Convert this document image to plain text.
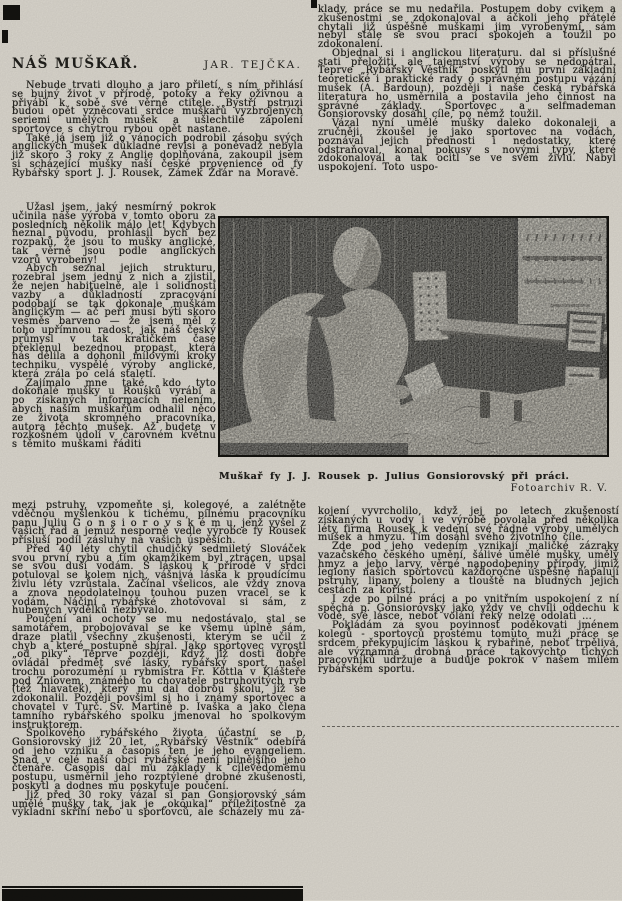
NÁŠ MUŠKAŘ.	JAR. TEJČKA.

Nebude trvati dlouho a jaro přiletí, s ním přihlásí se bujný život v přírodě, potoky a řeky oživnou a přivábí k sobě své věrné ctitele. Bystří pstruzi budou opět vzněcovati srdce muškařů vyzbrojených seriemi umělých mušek a ušlechtilé zápolení sportovce s chytrou rybou opět nastane.

Také já jsem již o vánocích podrobil zásobu svých anglických mušek důkladné revisi a poněvadž nebyla již skoro 3 roky z Anglie doplňována, zakoupil jsem si scházející mušky naší české provenience od fy Rybářský sport J. J. Rousek, Zámek Žďár na Moravě.

Užasl jsem, jaký nesmírný pokrok učinila naše výroba v tomto oboru za posledních několik málo let! Kdybych neznal původu, prohlásil bych bez rozpaků, že jsou to mušky anglické, tak věrně jsou podle anglických vzorů vyrobeny!

Abych seznal jejich strukturu, rozebral jsem jednu z nich a zjistil, že nejen habituelně, ale i solidností vazby a důkladností zpracování podobají se tak dokonale muškám anglickým — ač peří musí býti skoro vesměs barveno — že jsem měl z toho upřímnou radost, jak náš český průmysl v tak kratičkém čase překlenul bezednou propast, která nás dělila a dohonil mílovými kroky techniku vyspělé výroby anglické, která zrála po celá staletí.

Zajímalo mne také, kdo tyto dokonalé mušky u Rousků vyrábí a po získaných informacích nelením, abych našim muškařům odhalil něco ze života skromného pracovníka, autora těchto mušek. Až budete v rozkošném údolí v čarovném květnu s těmito muškami řáditi

mezi pstruhy, vzpomeňte si, kolegové, a zalétněte vděčnou myšlenkou k tichému, pilnému pracovníku panu Juliu G o n s i o r o v s k é m u, jenž vyšel z vašich řad a jemuž nesporně vedle výrobce fy Rousek přísluší podíl zásluhy na vašich úspěších.

Před 40 léty chytil chudičký sedmiletý Slováček svou první rybu a tím okamžikem byl ztracen, upsal se svou duší vodám. S láskou k přírodě v srdci potuloval se kolem nich, vášnivá láska k proudícímu živlu léty vzrůstala. Začínal všelicos, ale vždy znova a znova neodolatelnou touhou puzen vracel se k vodám. Náčiní rybářské zhotovoval si sám, z hubených výdělků nezbývalo.

Poučení ani ochoty se mu nedostávalo, stal se samotářem, probojovával se ke všemu úplně sám, draze platil všechny zkušenosti, kterým se učil z chyb a které postupně sbíral. Jako sportovec vyrostl „od piky“. Teprve později, když již dosti dobře ovládal předmět své lásky, rybářský sport, našel trochu porozumění u rybmistra Fr. Köttla v Klášteře pod Zniovem, známého to chovatele pstruhovitých ryb (též hlavatek), který mu dal dobrou školu, jíž se zdokonalil. Později povšiml si ho i známý sportovec a chovatel v Turč. Sv. Martině p. Ivaška a jako člena tamního rybářského spolku jmenoval ho spolkovým instruktorem.

Spolkového rybářského života účastní se p. Gonsiorovský již 20 let, „Rybářský Věstník“ odebírá od jeho vzniku a časopis ten je jeho evangeliem. Snad v celé naší obci rybářské není pilnějšího jeho čtenáře. Časopis dal mu základy k cílevědomému postupu, usměrnil jeho rozptýlené drobné zkušenosti, poskytl a dodnes mu poskytuje poučení.

Již před 30 roky vázal si pan Gonsiorovský sám umělé mušky tak, jak je „okoukal“ příležitostně za výkladní skříní nebo u sportovců, ale scházely mu zá-

klady, práce se mu nedařila. Postupem doby cvikem a zkušenostmi se zdokonaloval a ačkoli jeho přátelé chytali již úspěšně muškami jim vyrobenými, sám nebyl stále se svou prací spokojen a toužil po zdokonalení.

Objednal si i anglickou literaturu. dal si příslušné stati přeložiti, ale tajemství výroby se nedopátral. Teprve „Rybářský Věstník“ poskytl mu první základní teoretické i praktické rady o správném postupu vázání mušek (A. Bardoun), později i naše česká rybářská literatura ho usměrnila a postavila jeho činnost na správné základy. Sportovec a selfmademan Gonsiorovský dosáhl cíle, po němž toužil.

Vázal nyní umělé mušky daleko dokonaleji a zručněji, zkoušel je jako sportovec na vodách, poznával jejich přednosti i nedostatky, které odstraňoval, konal pokusy s novými typy, které zdokonaloval a tak ocitl se ve svém živlu. Nabyl uspokojení. Toto uspo-

kojení vyvrcholilo, když jej po letech zkušeností získaných u vody i ve výrobě povolala před několika léty firma Rousek k vedení své řádné výroby umělých mušek a hmyzu. Tím dosáhl svého životního cíle.

Zde pod jeho vedením vznikají maličké zázraky vazačského českého umění, šálivé umělé mušky, umělý hmyz a jeho larvy, věrné napodobeniny přírody, jimiž legiony našich sportovců každoročně úspěšně napalují pstruhy, lipany, boleny a tlouště na bludných jejich cestách za kořistí.

I zde po pilné práci a po vnitřním uspokojení z ní spěchá p. Gonsiorovský jako vždy ve chvíli oddechu k vodě, své lásce, neboť volání řeky nelze odolati …

Pokládám za svou povinnost poděkovati jménem kolegů - sportovců prostému tomuto muži práce se srdcem překypujícím láskou k rybařině, neboť trpělivá, ale významná drobná práce takovýchto tichých pracovníků udržuje a buduje pokrok v našem milém rybářském sportu.

Muškař fy J. J. Rousek p. Julius Gonsiorovský při práci.
Fotoarchiv R. V.
